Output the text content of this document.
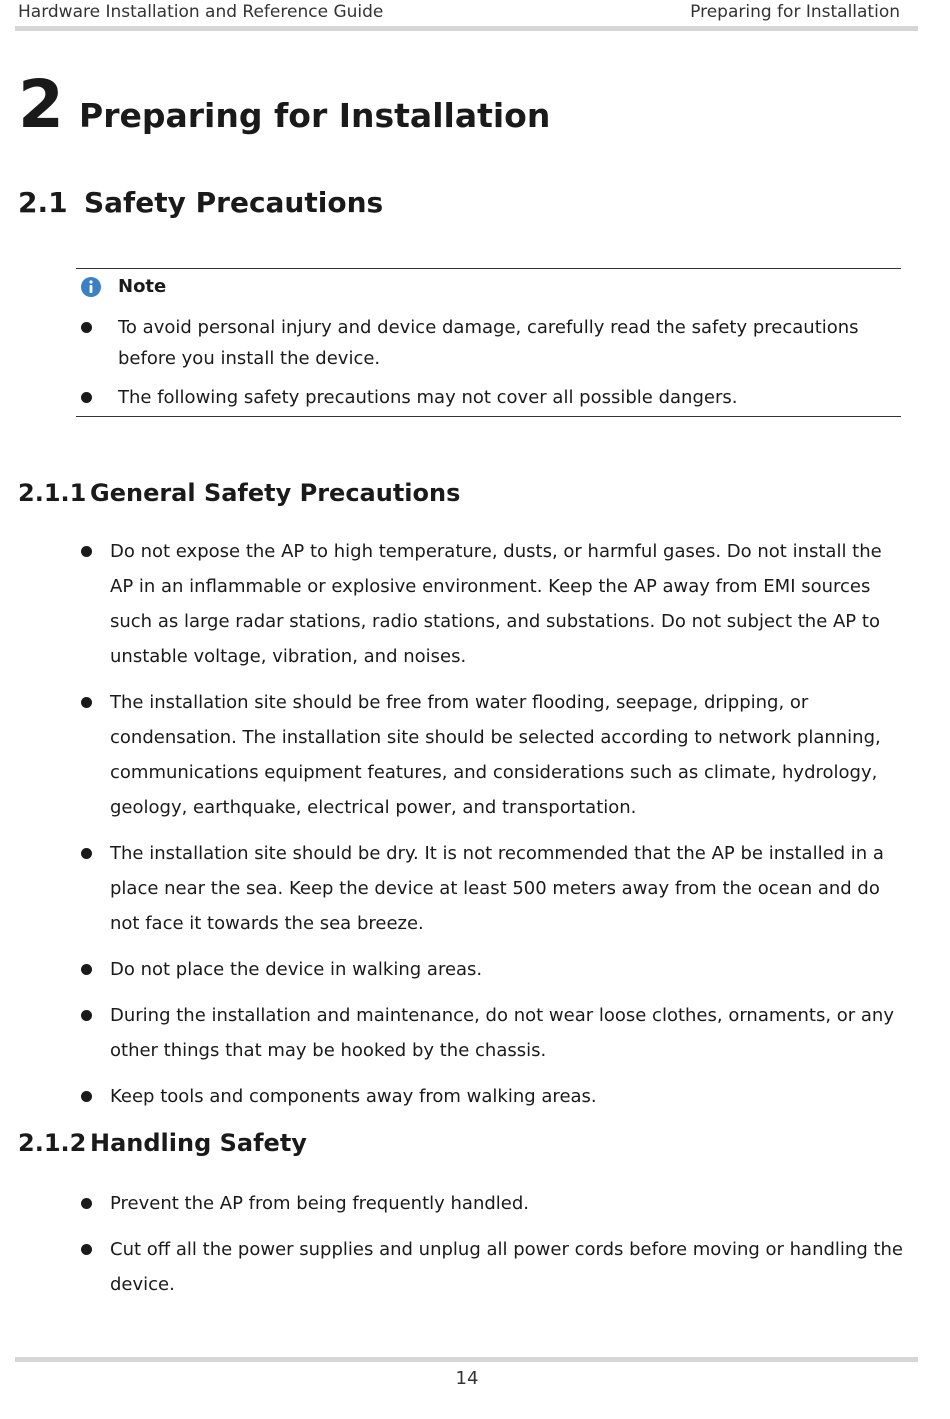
Hardware Installation and Reference Guide	Preparing for Installation
2 Preparing for Installation
2.1 Safety Precautions
Note
To avoid personal injury and device damage, carefully read the safety precautions before you install the device.
The following safety precautions may not cover all possible dangers.
2.1.1 General Safety Precautions
Do not expose the AP to high temperature, dusts, or harmful gases. Do not install the AP in an inflammable or explosive environment. Keep the AP away from EMI sources such as large radar stations, radio stations, and substations. Do not subject the AP to unstable voltage, vibration, and noises.
The installation site should be free from water flooding, seepage, dripping, or condensation. The installation site should be selected according to network planning, communications equipment features, and considerations such as climate, hydrology, geology, earthquake, electrical power, and transportation.
The installation site should be dry. It is not recommended that the AP be installed in a place near the sea. Keep the device at least 500 meters away from the ocean and do not face it towards the sea breeze.
Do not place the device in walking areas.
During the installation and maintenance, do not wear loose clothes, ornaments, or any other things that may be hooked by the chassis.
Keep tools and components away from walking areas.
2.1.2 Handling Safety
Prevent the AP from being frequently handled.
Cut off all the power supplies and unplug all power cords before moving or handling the device.
14
